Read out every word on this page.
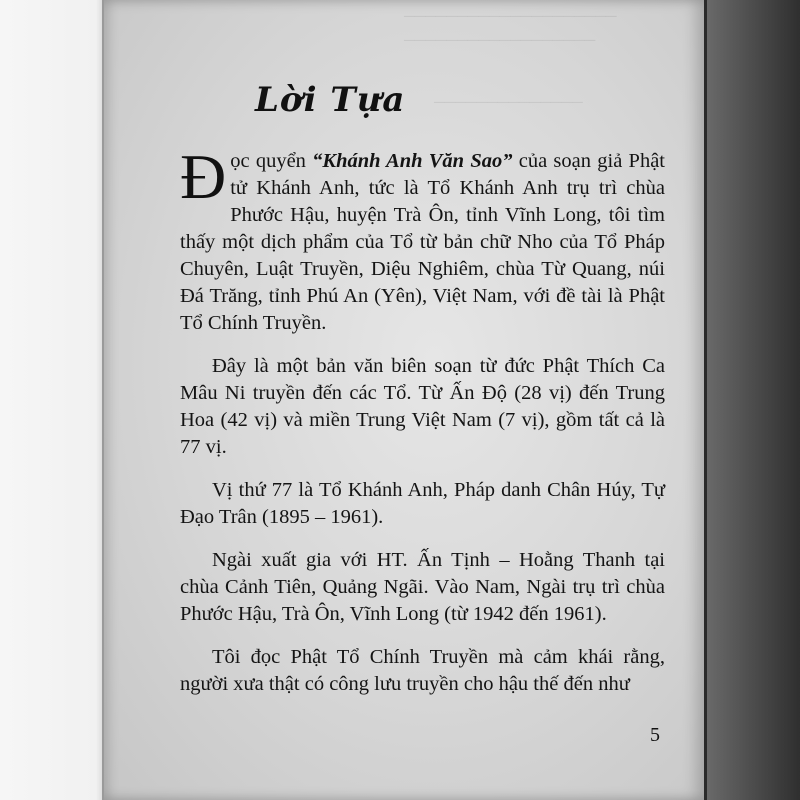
────────────────────
──────────────────
──────────────
Lời Tựa

Đọc quyển “Khánh Anh Văn Sao” của soạn giả Phật tử Khánh Anh, tức là Tổ Khánh Anh trụ trì chùa Phước Hậu, huyện Trà Ôn, tỉnh Vĩnh Long, tôi tìm thấy một dịch phẩm của Tổ từ bản chữ Nho của Tổ Pháp Chuyên, Luật Truyền, Diệu Nghiêm, chùa Từ Quang, núi Đá Trăng, tỉnh Phú An (Yên), Việt Nam, với đề tài là Phật Tổ Chính Truyền.

Đây là một bản văn biên soạn từ đức Phật Thích Ca Mâu Ni truyền đến các Tổ. Từ Ấn Độ (28 vị) đến Trung Hoa (42 vị) và miền Trung Việt Nam (7 vị), gồm tất cả là 77 vị.

Vị thứ 77 là Tổ Khánh Anh, Pháp danh Chân Húy, Tự Đạo Trân (1895 – 1961).

Ngài xuất gia với HT. Ấn Tịnh – Hoằng Thanh tại chùa Cảnh Tiên, Quảng Ngãi. Vào Nam, Ngài trụ trì chùa Phước Hậu, Trà Ôn, Vĩnh Long (từ 1942 đến 1961).

Tôi đọc Phật Tổ Chính Truyền mà cảm khái rằng, người xưa thật có công lưu truyền cho hậu thế đến như

5
